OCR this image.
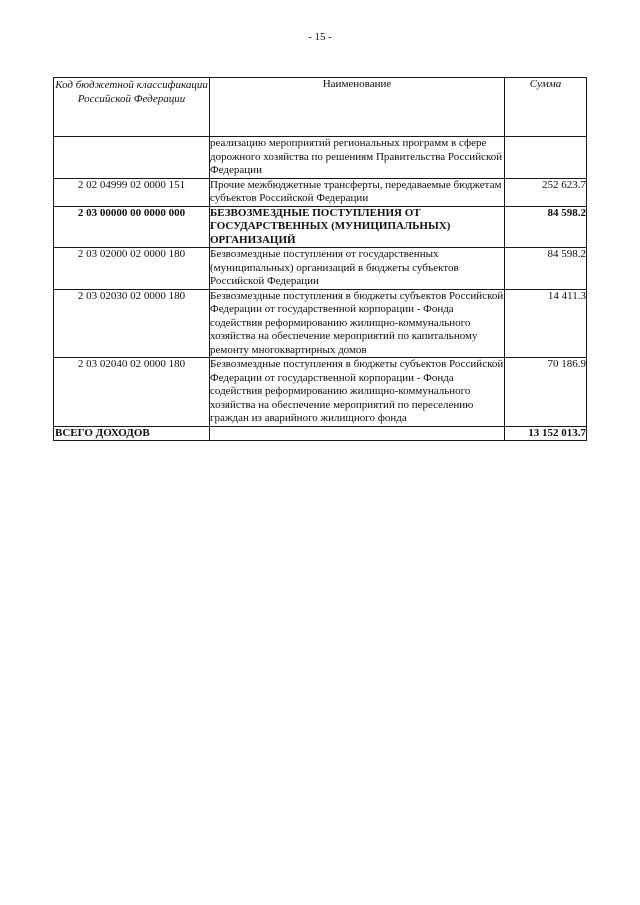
- 15 -
Код бюджетной классификации Российской Федерации	Наименование	Сумма
	реализацию мероприятий региональных программ в сфере дорожного хозяйства по решениям Правительства Российской Федерации	
2 02 04999 02 0000 151	Прочие межбюджетные трансферты, передаваемые бюджетам субъектов Российской Федерации	252 623.7
2 03 00000 00 0000 000	БЕЗВОЗМЕЗДНЫЕ ПОСТУПЛЕНИЯ ОТ ГОСУДАРСТВЕННЫХ (МУНИЦИПАЛЬНЫХ) ОРГАНИЗАЦИЙ	84 598.2
2 03 02000 02 0000 180	Безвозмездные поступления от государственных (муниципальных) организаций в бюджеты субъектов Российской Федерации	84 598.2
2 03 02030 02 0000 180	Безвозмездные поступления в бюджеты субъектов Российской Федерации от государственной корпорации - Фонда содействия реформированию жилищно-коммунального хозяйства на обеспечение мероприятий по капитальному ремонту многоквартирных домов	14 411.3
2 03 02040 02 0000 180	Безвозмездные поступления в бюджеты субъектов Российской Федерации от государственной корпорации - Фонда содействия реформированию жилищно-коммунального хозяйства на обеспечение мероприятий по переселению граждан из аварийного жилищного фонда	70 186.9
ВСЕГО ДОХОДОВ		13 152 013.7
